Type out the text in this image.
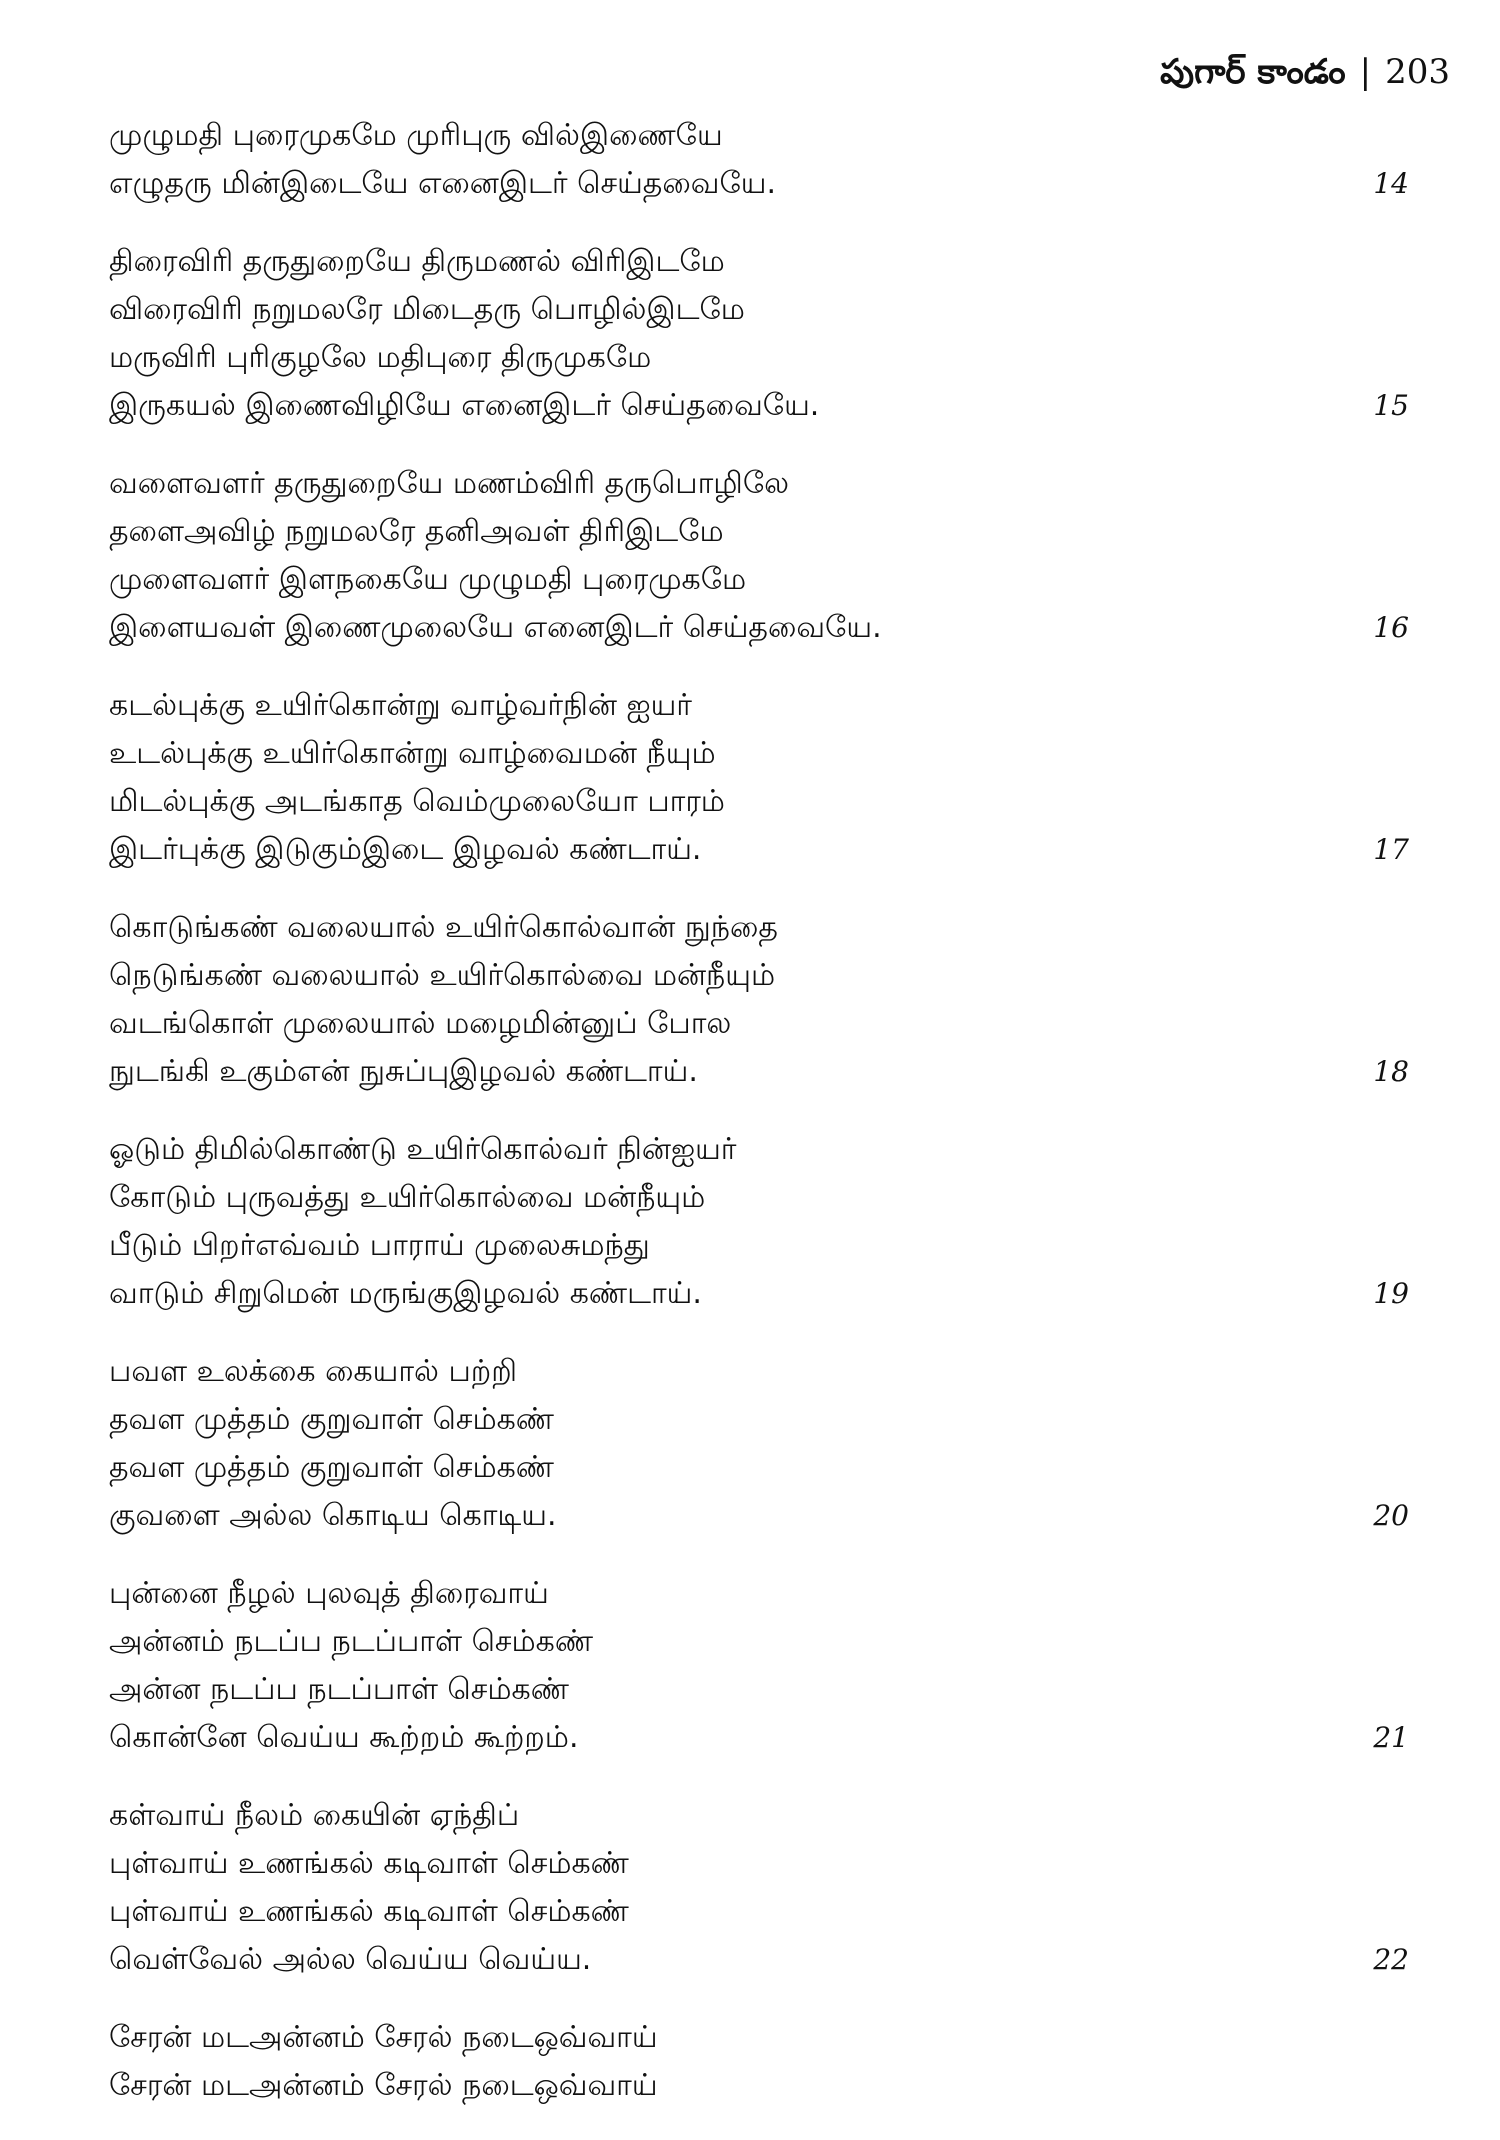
పుగార్ కాండం | 203
முழுமதி புரைமுகமே முரிபுரு வில்இணையே
எழுதரு மின்இடையே எனைஇடர் செய்தவையே.	14
திரைவிரி தருதுறையே திருமணல் விரிஇடமே
விரைவிரி நறுமலரே மிடைதரு பொழில்இடமே
மருவிரி புரிகுழலே மதிபுரை திருமுகமே
இருகயல் இணைவிழியே எனைஇடர் செய்தவையே.	15
வளைவளர் தருதுறையே மணம்விரி தருபொழிலே
தளைஅவிழ் நறுமலரே தனிஅவள் திரிஇடமே
முளைவளர் இளநகையே முழுமதி புரைமுகமே
இளையவள் இணைமுலையே எனைஇடர் செய்தவையே.	16
கடல்புக்கு உயிர்கொன்று வாழ்வர்நின் ஐயர்
உடல்புக்கு உயிர்கொன்று வாழ்வைமன் நீயும்
மிடல்புக்கு அடங்காத வெம்முலையோ பாரம்
இடர்புக்கு இடுகும்இடை இழவல் கண்டாய்.	17
கொடுங்கண் வலையால் உயிர்கொல்வான் நுந்தை
நெடுங்கண் வலையால் உயிர்கொல்வை மன்நீயும்
வடங்கொள் முலையால் மழைமின்னுப் போல
நுடங்கி உகும்என் நுசுப்புஇழவல் கண்டாய்.	18
ஓடும் திமில்கொண்டு உயிர்கொல்வர் நின்ஐயர்
கோடும் புருவத்து உயிர்கொல்வை மன்நீயும்
பீடும் பிறர்எவ்வம் பாராய் முலைசுமந்து
வாடும் சிறுமென் மருங்குஇழவல் கண்டாய்.	19
பவள உலக்கை கையால் பற்றி
தவள முத்தம் குறுவாள் செம்கண்
தவள முத்தம் குறுவாள் செம்கண்
குவளை அல்ல கொடிய கொடிய.	20
புன்னை நீழல் புலவுத் திரைவாய்
அன்னம் நடப்ப நடப்பாள் செம்கண்
அன்ன நடப்ப நடப்பாள் செம்கண்
கொன்னே வெய்ய கூற்றம் கூற்றம்.	21
கள்வாய் நீலம் கையின் ஏந்திப்
புள்வாய் உணங்கல் கடிவாள் செம்கண்
புள்வாய் உணங்கல் கடிவாள் செம்கண்
வெள்வேல் அல்ல வெய்ய வெய்ய.	22
சேரன் மடஅன்னம் சேரல் நடைஒவ்வாய்
சேரன் மடஅன்னம் சேரல் நடைஒவ்வாய்
